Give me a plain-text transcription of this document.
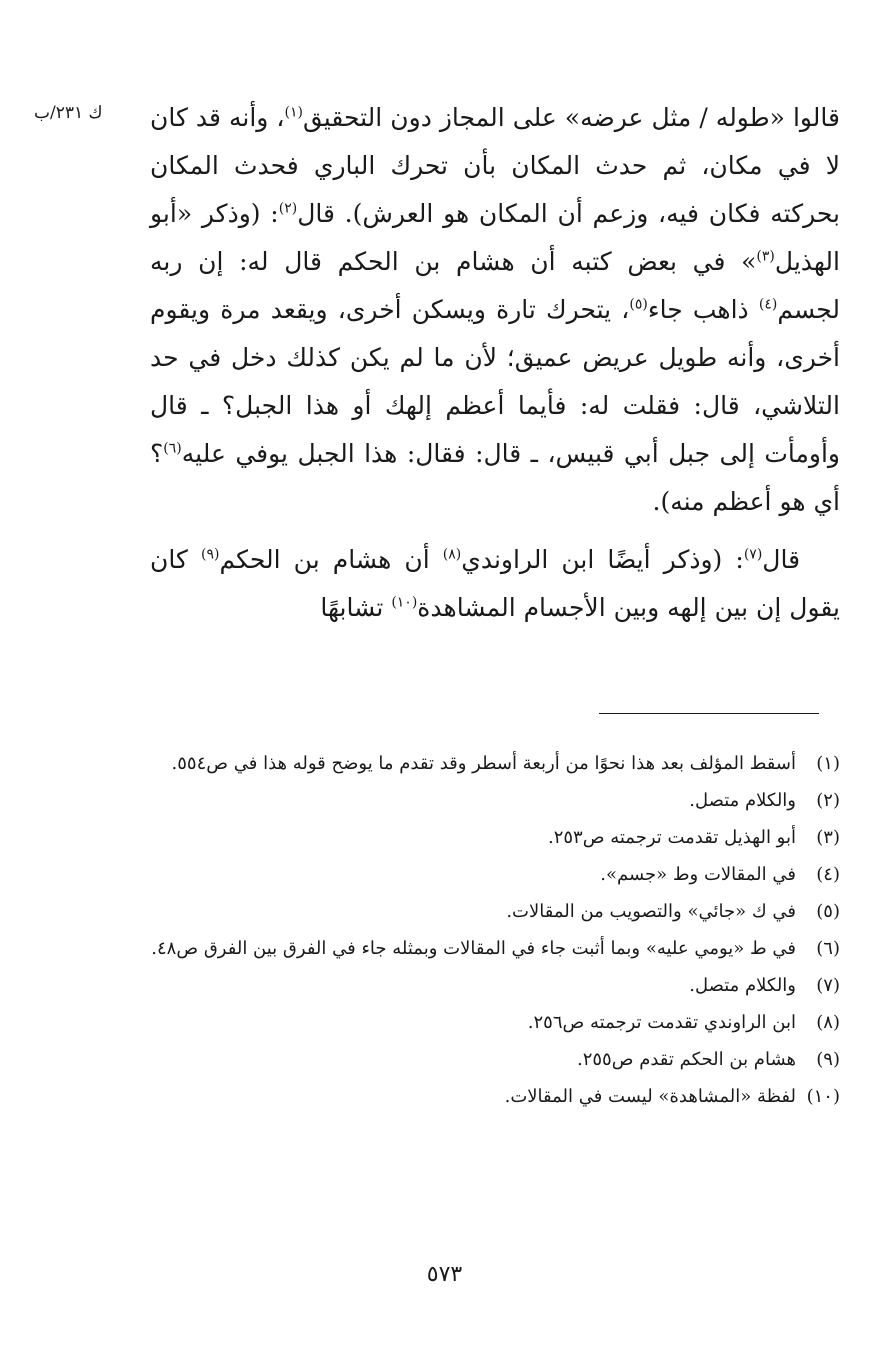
ك ٢٣١/ب	قالوا «طوله / مثل عرضه» على المجاز دون التحقيق$^{(١)}$، وأنه قد كان لا في مكان، ثم حدث المكان بأن تحرك الباري فحدث المكان بحركته فكان فيه، وزعم أن المكان هو العرش). قال$^{(٢)}$: (وذكر «أبو الهذيل$^{(٣)}$» في بعض كتبه أن هشام بن الحكم قال له: إن ربه لجسم$^{(٤)}$ ذاهب جاء$^{(٥)}$، يتحرك تارة ويسكن أخرى، ويقعد مرة ويقوم أخرى، وأنه طويل عريض عميق؛ لأن ما لم يكن كذلك دخل في حد التلاشي، قال: فقلت له: فأيما أعظم إلهك أو هذا الجبل؟ ـ قال وأومأت إلى جبل أبي قبيس، ـ قال: فقال: هذا الجبل يوفي عليه$^{(٦)}$؟ أي هو أعظم منه).

قال$^{(٧)}$: (وذكر أيضًا ابن الراوندي$^{(٨)}$ أن هشام بن الحكم$^{(٩)}$ كان يقول إن بين إلهه وبين الأجسام المشاهدة$^{(١٠)}$ تشابهًا

(١)
أسقط المؤلف بعد هذا نحوًا من أربعة أسطر وقد تقدم ما يوضح قوله هذا في ص٥٥٤.
(٢)
والكلام متصل.
(٣)
أبو الهذيل تقدمت ترجمته ص٢٥٣.
(٤)
في المقالات وط «جسم».
(٥)
في ك «جائي» والتصويب من المقالات.
(٦)
في ط «يومي عليه» وبما أثبت جاء في المقالات وبمثله جاء في الفرق بين الفرق ص٤٨.
(٧)
والكلام متصل.
(٨)
ابن الراوندي تقدمت ترجمته ص٢٥٦.
(٩)
هشام بن الحكم تقدم ص٢٥٥.
(١٠)
لفظة «المشاهدة» ليست في المقالات.
٥٧٣
